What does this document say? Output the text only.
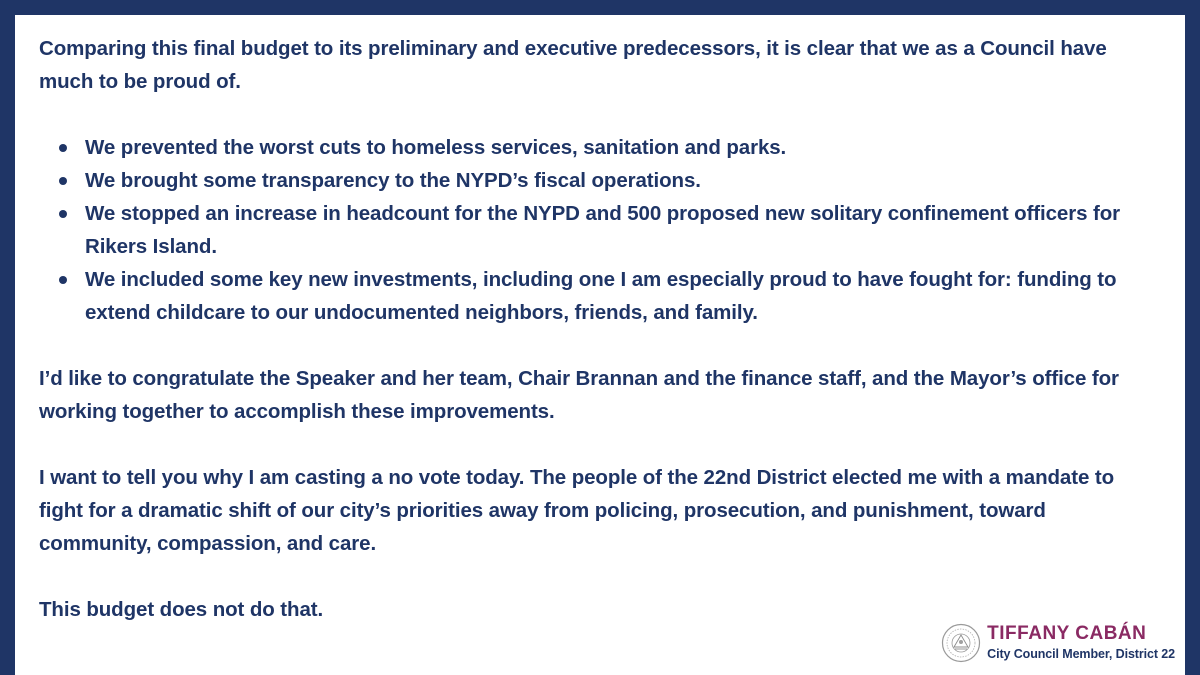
Comparing this final budget to its preliminary and executive predecessors, it is clear that we as a Council have much to be proud of.

We prevented the worst cuts to homeless services, sanitation and parks.
We brought some transparency to the NYPD’s fiscal operations.
We stopped an increase in headcount for the NYPD and 500 proposed new solitary confinement officers for Rikers Island.
We included some key new investments, including one I am especially proud to have fought for: funding to extend childcare to our undocumented neighbors, friends, and family.

I’d like to congratulate the Speaker and her team, Chair Brannan and the finance staff, and the Mayor’s office for working together to accomplish these improvements.

I want to tell you why I am casting a no vote today. The people of the 22nd District elected me with a mandate to fight for a dramatic shift of our city’s priorities away from policing, prosecution, and punishment, toward community, compassion, and care.

This budget does not do that.

TIFFANY CABÁN
City Council Member, District 22
